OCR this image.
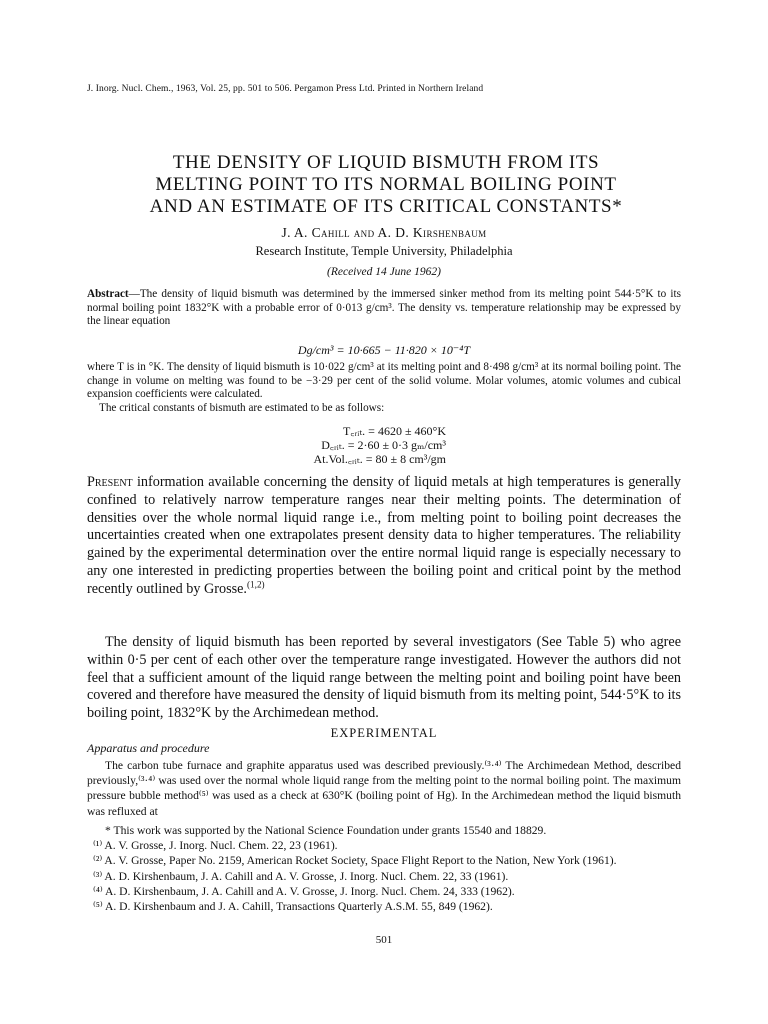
J. Inorg. Nucl. Chem., 1963, Vol. 25, pp. 501 to 506. Pergamon Press Ltd. Printed in Northern Ireland
THE DENSITY OF LIQUID BISMUTH FROM ITS
MELTING POINT TO ITS NORMAL BOILING POINT
AND AN ESTIMATE OF ITS CRITICAL CONSTANTS*
J. A. Cahill and A. D. Kirshenbaum
Research Institute, Temple University, Philadelphia
(Received 14 June 1962)
Abstract—The density of liquid bismuth was determined by the immersed sinker method from its melting point 544·5°K to its normal boiling point 1832°K with a probable error of 0·013 g/cm³. The density vs. temperature relationship may be expressed by the linear equation
Dg/cm³ = 10·665 − 11·820 × 10⁻⁴T
where T is in °K. The density of liquid bismuth is 10·022 g/cm³ at its melting point and 8·498 g/cm³ at its normal boiling point. The change in volume on melting was found to be −3·29 per cent of the solid volume. Molar volumes, atomic volumes and cubical expansion coefficients were calculated.
The critical constants of bismuth are estimated to be as follows:
T꜀ᵣᵢₜ. = 4620 ± 460°K
D꜀ᵣᵢₜ. = 2·60 ± 0·3 gₘ/cm³
At.Vol.꜀ᵣᵢₜ. = 80 ± 8 cm³/gm

Present information available concerning the density of liquid metals at high temperatures is generally confined to relatively narrow temperature ranges near their melting points. The determination of densities over the whole normal liquid range i.e., from melting point to boiling point decreases the uncertainties created when one extrapolates present density data to higher temperatures. The reliability gained by the experimental determination over the entire normal liquid range is especially necessary to any one interested in predicting properties between the boiling point and critical point by the method recently outlined by Grosse.$^{(1,2)}$

The density of liquid bismuth has been reported by several investigators (See Table 5) who agree within 0·5 per cent of each other over the temperature range investigated. However the authors did not feel that a sufficient amount of the liquid range between the melting point and boiling point have been covered and therefore have measured the density of liquid bismuth from its melting point, 544·5°K to its boiling point, 1832°K by the Archimedean method.

EXPERIMENTAL
Apparatus and procedure
The carbon tube furnace and graphite apparatus used was described previously.⁽³·⁴⁾ The Archimedean Method, described previously,⁽³·⁴⁾ was used over the normal whole liquid range from the melting point to the normal boiling point. The maximum pressure bubble method⁽⁵⁾ was used as a check at 630°K (boiling point of Hg). In the Archimedean method the liquid bismuth was refluxed at
* This work was supported by the National Science Foundation under grants 15540 and 18829.
⁽¹⁾ A. V. Grosse, J. Inorg. Nucl. Chem. 22, 23 (1961).
⁽²⁾ A. V. Grosse, Paper No. 2159, American Rocket Society, Space Flight Report to the Nation, New York (1961).
⁽³⁾ A. D. Kirshenbaum, J. A. Cahill and A. V. Grosse, J. Inorg. Nucl. Chem. 22, 33 (1961).
⁽⁴⁾ A. D. Kirshenbaum, J. A. Cahill and A. V. Grosse, J. Inorg. Nucl. Chem. 24, 333 (1962).
⁽⁵⁾ A. D. Kirshenbaum and J. A. Cahill, Transactions Quarterly A.S.M. 55, 849 (1962).
501
